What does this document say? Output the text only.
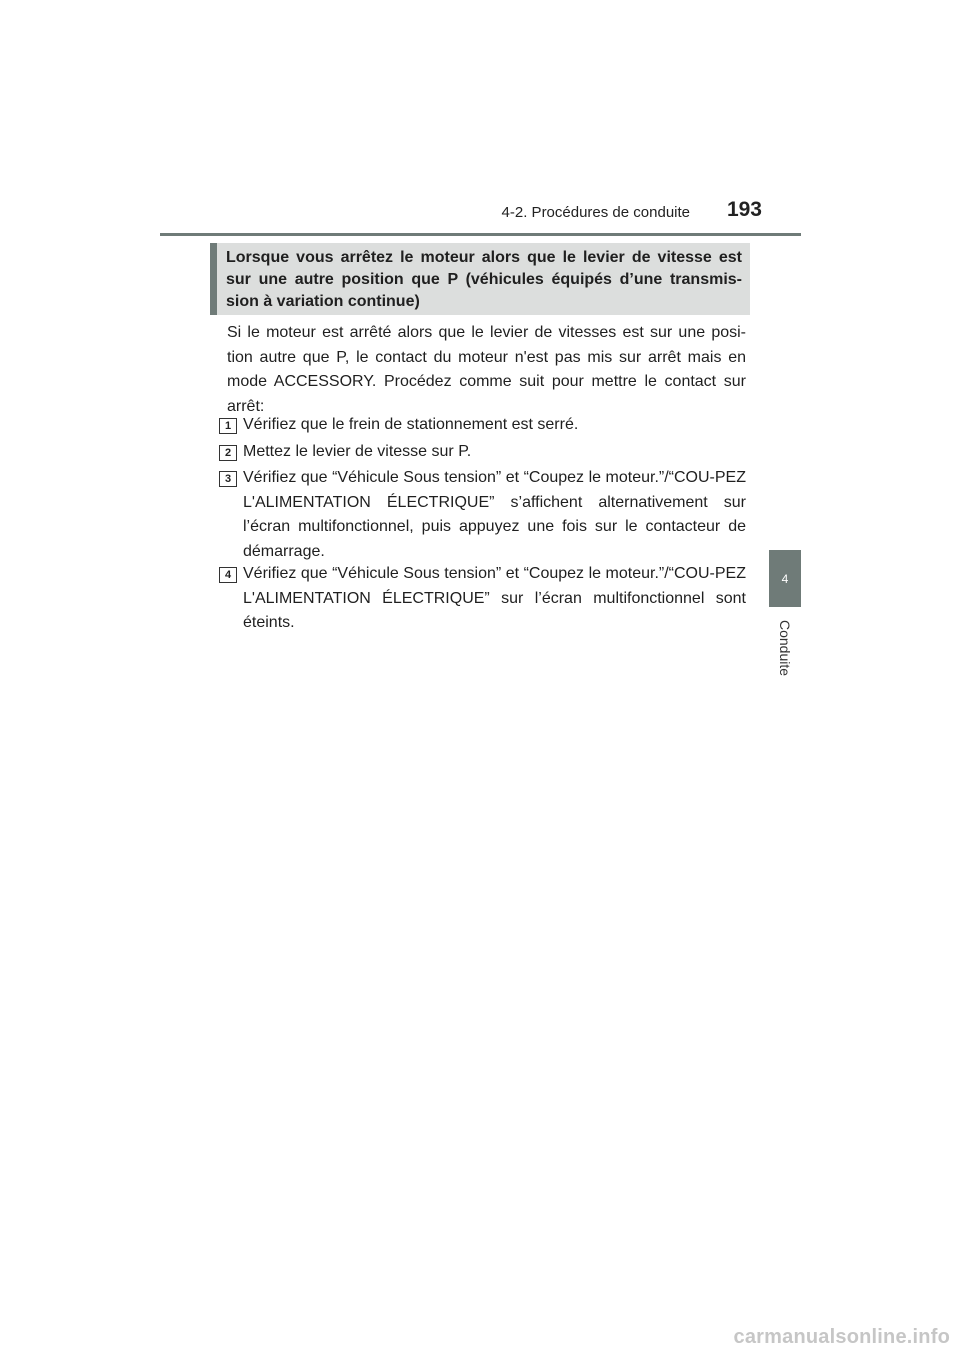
4-2. Procédures de conduite	193
4
Conduite
Lorsque vous arrêtez le moteur alors que le levier de vitesse est sur une autre position que P (véhicules équipés d’une transmis-sion à variation continue)

Si le moteur est arrêté alors que le levier de vitesses est sur une posi-tion autre que P, le contact du moteur n'est pas mis sur arrêt mais en mode ACCESSORY. Procédez comme suit pour mettre le contact sur arrêt:

1 Vérifiez que le frein de stationnement est serré.

2 Mettez le levier de vitesse sur P.

3 Vérifiez que “Véhicule Sous tension” et “Coupez le moteur.”/“COU-PEZ L'ALIMENTATION ÉLECTRIQUE” s’affichent alternativement sur l’écran multifonctionnel, puis appuyez une fois sur le contacteur de démarrage.

4 Vérifiez que “Véhicule Sous tension” et “Coupez le moteur.”/“COU-PEZ L'ALIMENTATION ÉLECTRIQUE” sur l’écran multifonctionnel sont éteints.

carmanualsonline.info
